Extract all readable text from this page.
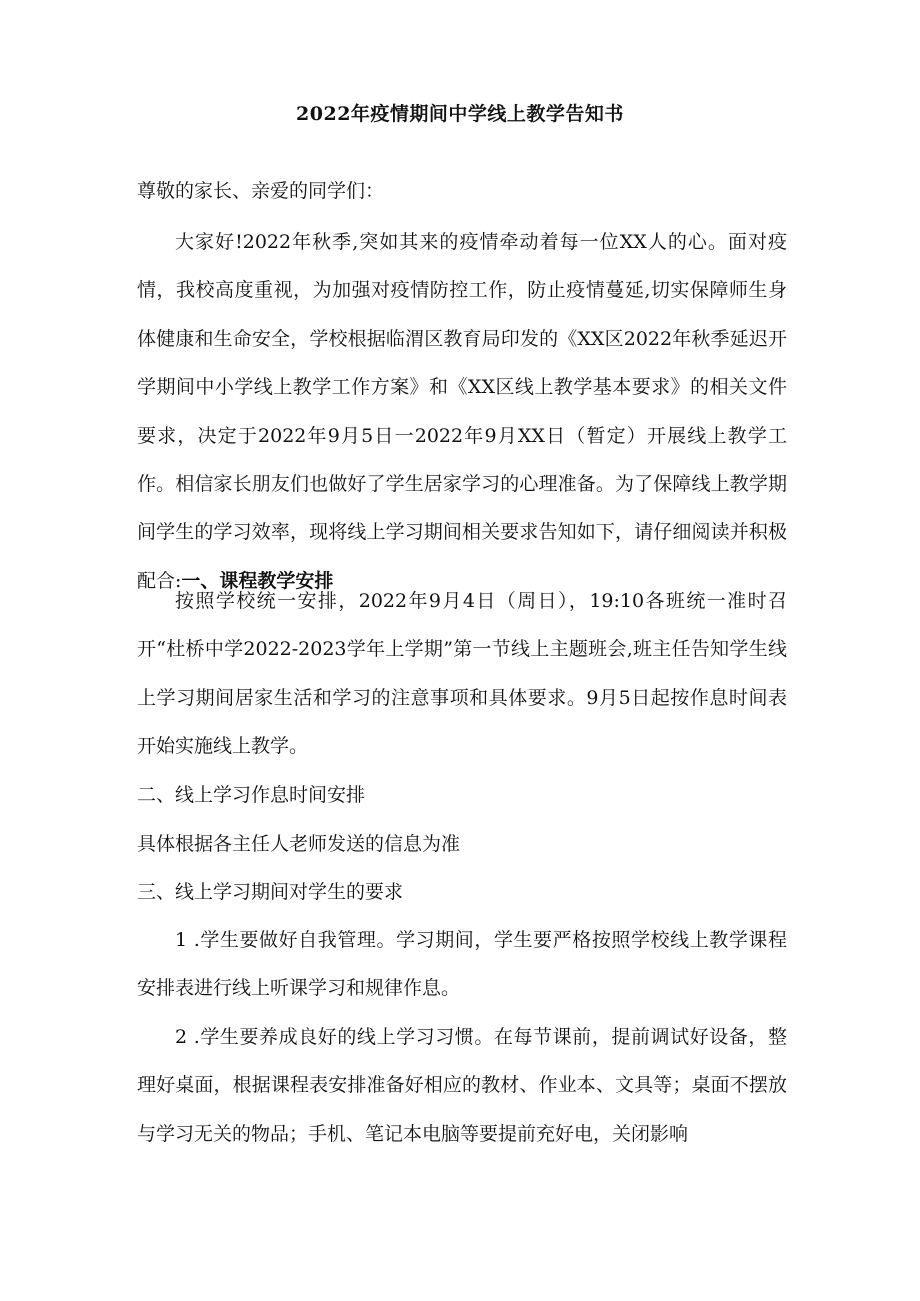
2022年疫情期间中学线上教学告知书

尊敬的家长、亲爱的同学们：

大家好!2022年秋季,突如其来的疫情牵动着每一位XX人的心。面对疫情，我校高度重视，为加强对疫情防控工作，防止疫情蔓延,切实保障师生身体健康和生命安全，学校根据临渭区教育局印发的《XX区2022年秋季延迟开学期间中小学线上教学工作方案》和《XX区线上教学基本要求》的相关文件要求，决定于2022年9月5日一2022年9月XX日（暂定）开展线上教学工作。相信家长朋友们也做好了学生居家学习的心理准备。为了保障线上教学期间学生的学习效率，现将线上学习期间相关要求告知如下，请仔细阅读并积极配合:一、课程教学安排

按照学校统一安排，2022年9月4日（周日），19:10各班统一准时召开“杜桥中学2022-2023学年上学期”第一节线上主题班会,班主任告知学生线上学习期间居家生活和学习的注意事项和具体要求。9月5日起按作息时间表开始实施线上教学。

二、线上学习作息时间安排

具体根据各主任人老师发送的信息为准

三、线上学习期间对学生的要求

1 .学生要做好自我管理。学习期间，学生要严格按照学校线上教学课程安排表进行线上听课学习和规律作息。

2 .学生要养成良好的线上学习习惯。在每节课前，提前调试好设备，整理好桌面，根据课程表安排准备好相应的教材、作业本、文具等；桌面不摆放与学习无关的物品；手机、笔记本电脑等要提前充好电，关闭影响
